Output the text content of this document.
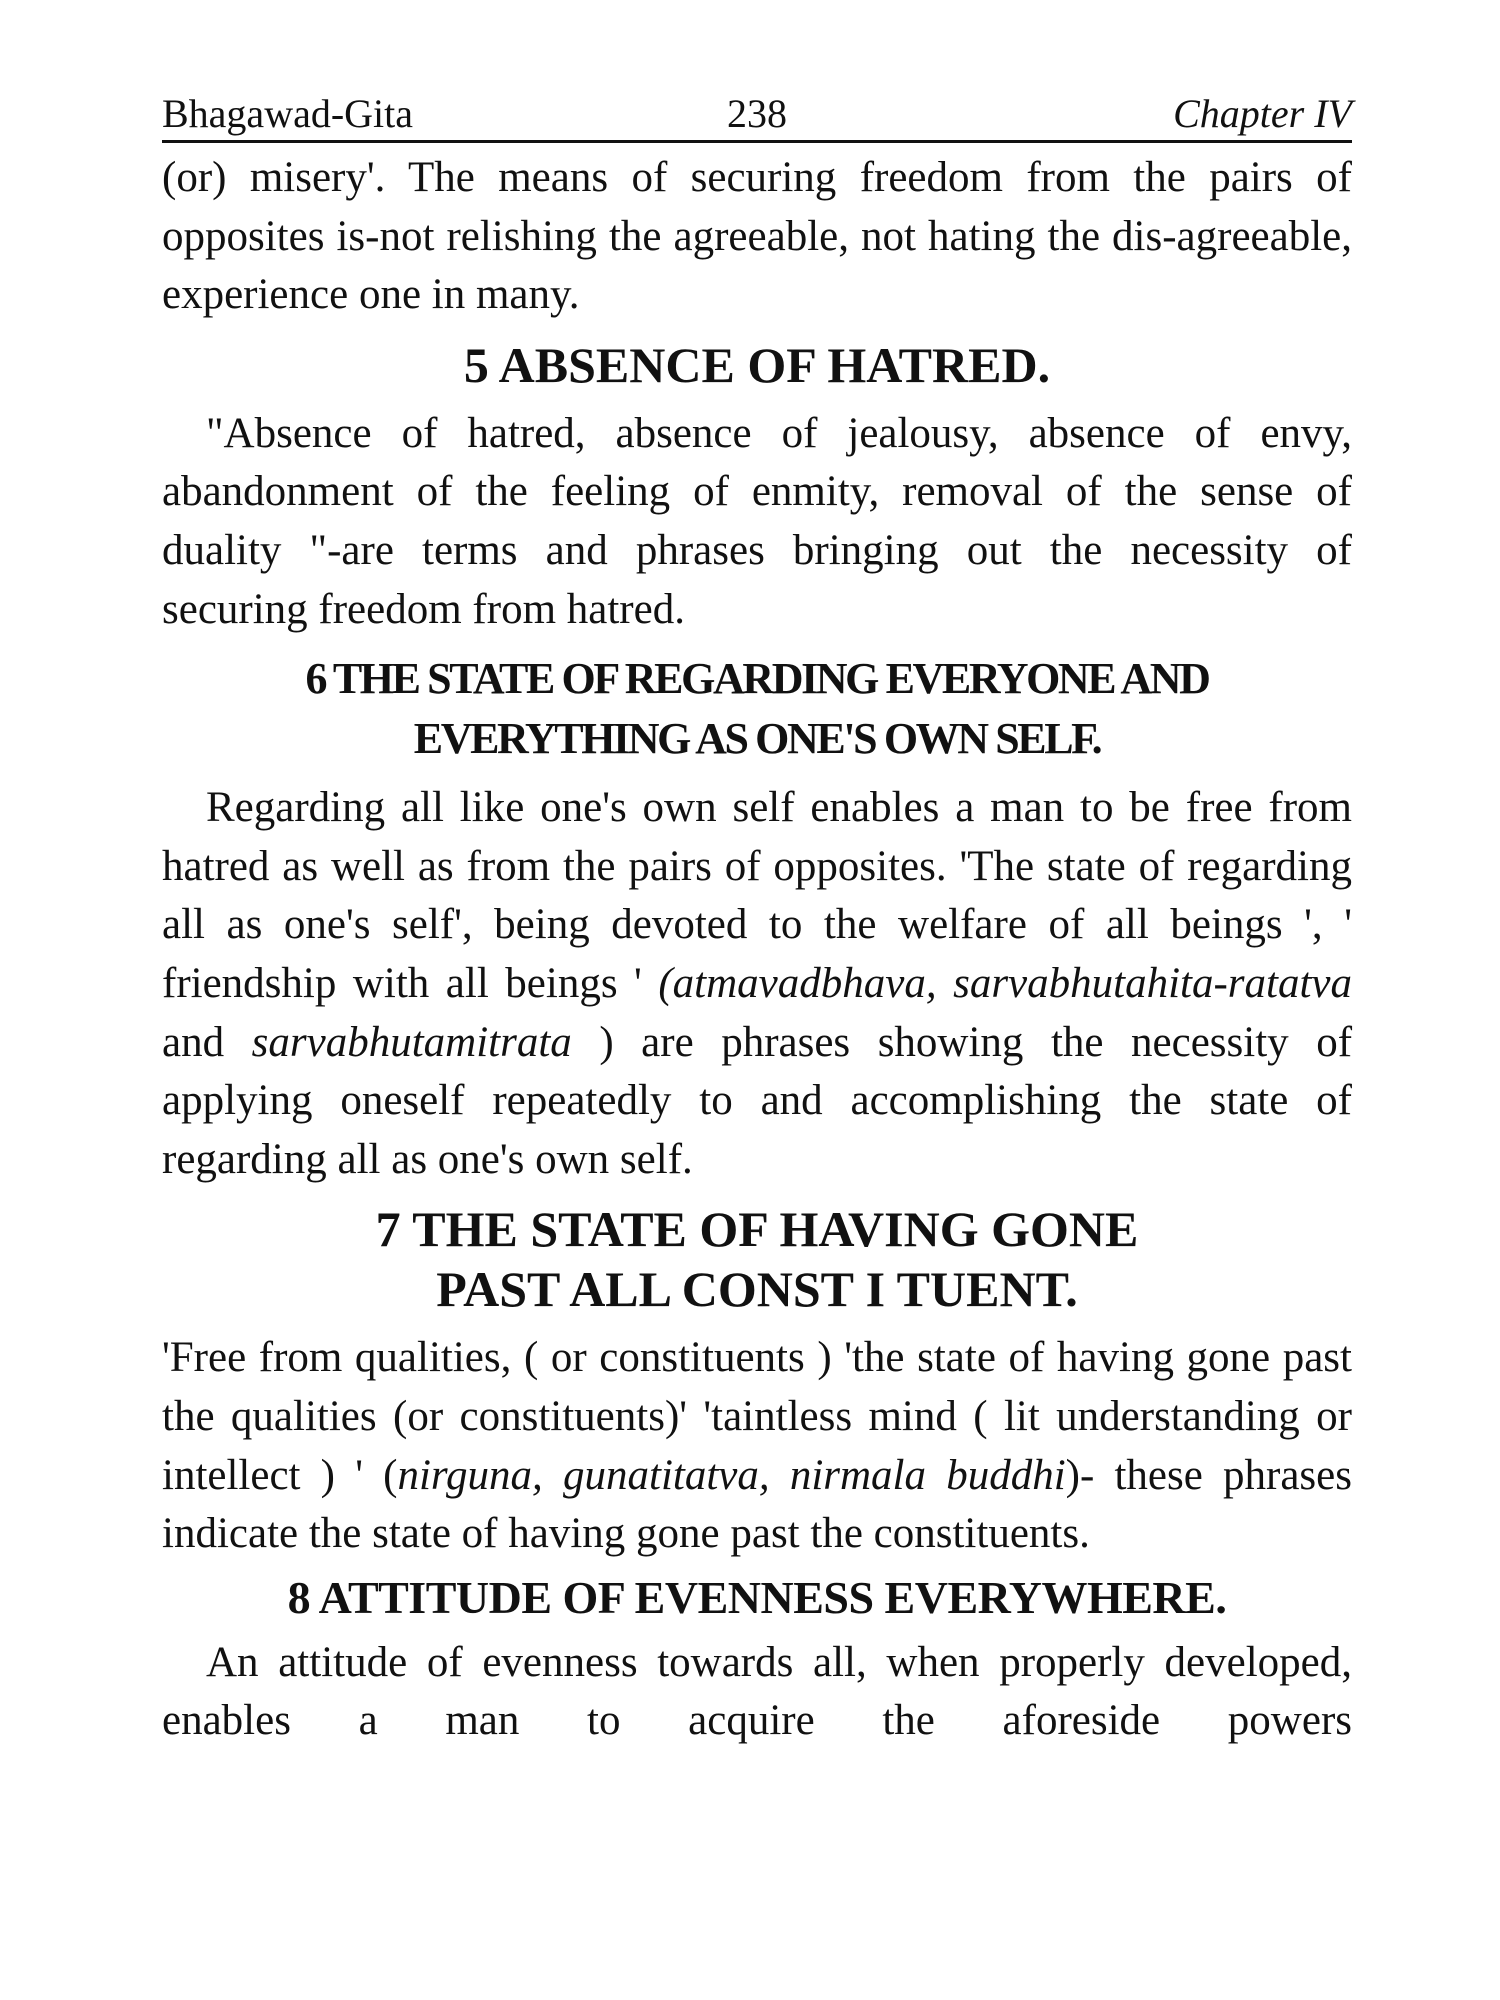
Bhagawad-Gita	238	Chapter IV

(or) misery'. The means of securing freedom from the pairs of opposites is-not relishing the agreeable, not hating the dis-agreeable, experience one in many.

5 ABSENCE OF HATRED.

"Absence of hatred, absence of jealousy, absence of envy, abandonment of the feeling of enmity, removal of the sense of duality "-are terms and phrases bringing out the necessity of securing freedom from hatred.

6 THE STATE OF REGARDING EVERYONE AND
EVERYTHING AS ONE'S OWN SELF.

Regarding all like one's own self enables a man to be free from hatred as well as from the pairs of opposites. 'The state of regarding all as one's self', being devoted to the welfare of all beings ', ' friendship with all beings ' (atmavadbhava, sarvabhutahita-ratatva and sarvabhutamitrata ) are phrases showing the necessity of applying oneself repeatedly to and accomplishing the state of regarding all as one's own self.

7 THE STATE OF HAVING GONE
PAST ALL CONST I TUENT.

'Free from qualities, ( or constituents ) 'the state of having gone past the qualities (or constituents)' 'taintless mind ( lit understanding or intellect ) ' (nirguna, gunatitatva, nirmala buddhi)- these phrases indicate the state of having gone past the constituents.

8 ATTITUDE OF EVENNESS EVERYWHERE.

An attitude of evenness towards all, when properly developed, enables a man to acquire the aforeside powers
